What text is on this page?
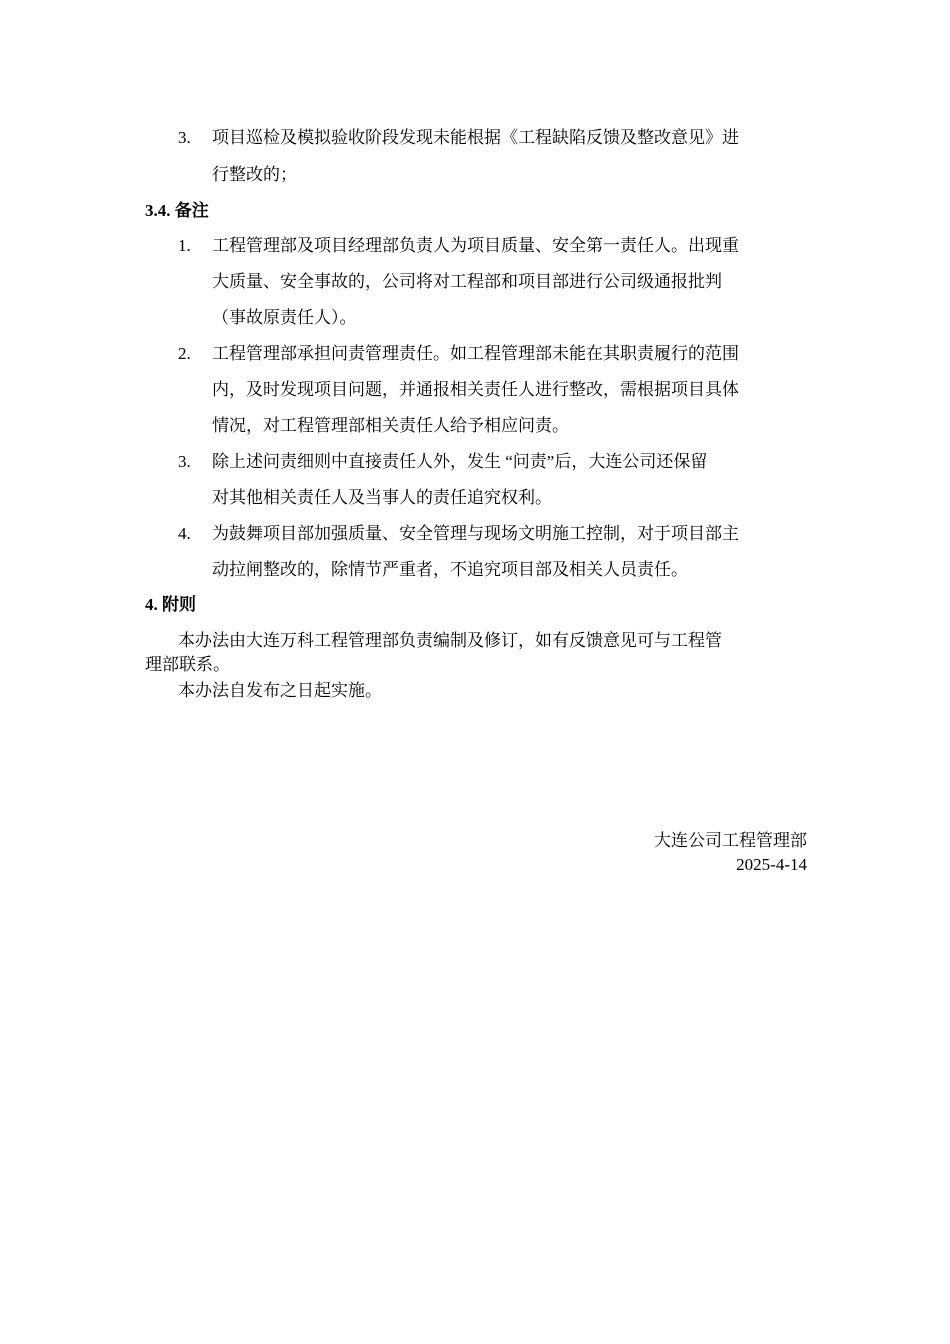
3.	项目巡检及模拟验收阶段发现未能根据《工程缺陷反馈及整改意见》进
行整改的；
3.4. 备注
1.	工程管理部及项目经理部负责人为项目质量、安全第一责任人。出现重
大质量、安全事故的，公司将对工程部和项目部进行公司级通报批判
（事故原责任人）。
2.	工程管理部承担问责管理责任。如工程管理部未能在其职责履行的范围
内，及时发现项目问题，并通报相关责任人进行整改，需根据项目具体
情况，对工程管理部相关责任人给予相应问责。
3.	除上述问责细则中直接责任人外，发生 “问责”后，大连公司还保留
对其他相关责任人及当事人的责任追究权利。
4.	为鼓舞项目部加强质量、安全管理与现场文明施工控制，对于项目部主
动拉闸整改的，除情节严重者，不追究项目部及相关人员责任。
4. 附则
本办法由大连万科工程管理部负责编制及修订，如有反馈意见可与工程管
理部联系。
本办法自发布之日起实施。
大连公司工程管理部
2025-4-14
